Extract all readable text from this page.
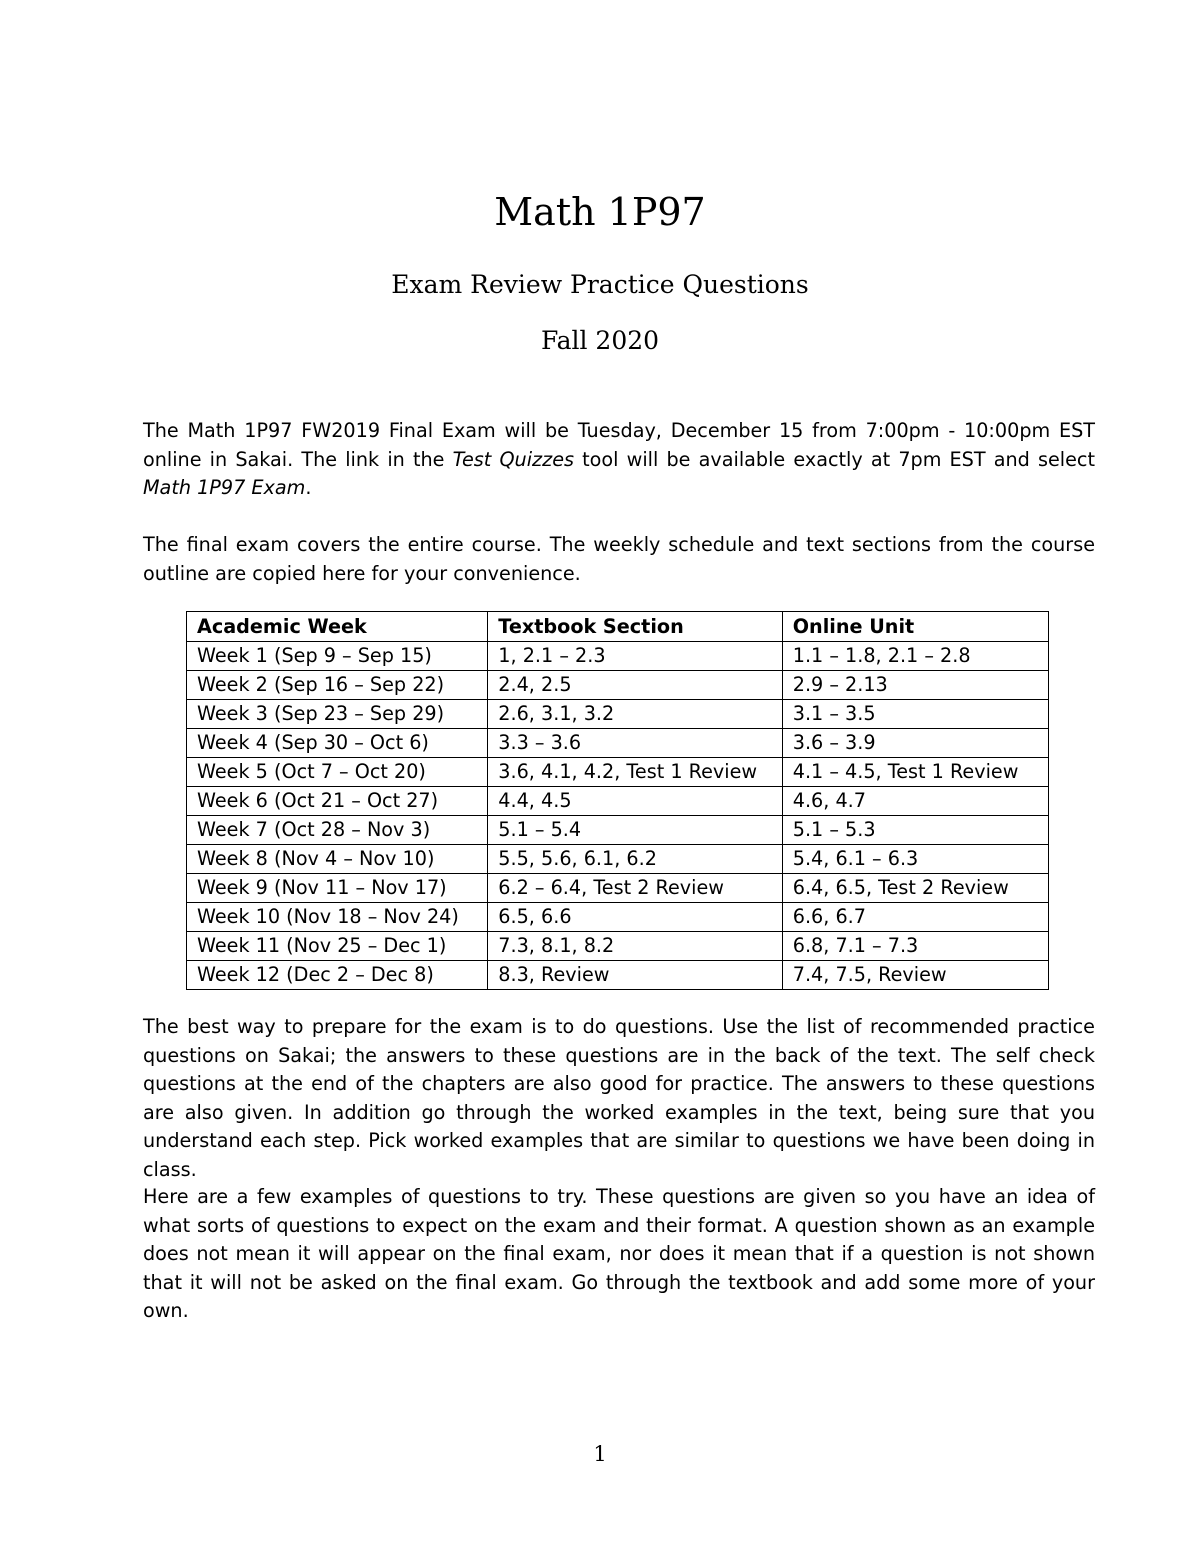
Math 1P97
Exam Review Practice Questions
Fall 2020
The Math 1P97 FW2019 Final Exam will be Tuesday, December 15 from 7:00pm - 10:00pm EST online in Sakai. The link in the Test Quizzes tool will be available exactly at 7pm EST and select Math 1P97 Exam.
The final exam covers the entire course. The weekly schedule and text sections from the course outline are copied here for your convenience.
Academic Week	Textbook Section	Online Unit
Week 1 (Sep 9 – Sep 15)	1, 2.1 – 2.3	1.1 – 1.8, 2.1 – 2.8
Week 2 (Sep 16 – Sep 22)	2.4, 2.5	2.9 – 2.13
Week 3 (Sep 23 – Sep 29)	2.6, 3.1, 3.2	3.1 – 3.5
Week 4 (Sep 30 – Oct 6)	3.3 – 3.6	3.6 – 3.9
Week 5 (Oct 7 – Oct 20)	3.6, 4.1, 4.2, Test 1 Review	4.1 – 4.5, Test 1 Review
Week 6 (Oct 21 – Oct 27)	4.4, 4.5	4.6, 4.7
Week 7 (Oct 28 – Nov 3)	5.1 – 5.4	5.1 – 5.3
Week 8 (Nov 4 – Nov 10)	5.5, 5.6, 6.1, 6.2	5.4, 6.1 – 6.3
Week 9 (Nov 11 – Nov 17)	6.2 – 6.4, Test 2 Review	6.4, 6.5, Test 2 Review
Week 10 (Nov 18 – Nov 24)	6.5, 6.6	6.6, 6.7
Week 11 (Nov 25 – Dec 1)	7.3, 8.1, 8.2	6.8, 7.1 – 7.3
Week 12 (Dec 2 – Dec 8)	8.3, Review	7.4, 7.5, Review
The best way to prepare for the exam is to do questions. Use the list of recommended practice questions on Sakai; the answers to these questions are in the back of the text. The self check questions at the end of the chapters are also good for practice. The answers to these questions are also given. In addition go through the worked examples in the text, being sure that you understand each step. Pick worked examples that are similar to questions we have been doing in class.
Here are a few examples of questions to try. These questions are given so you have an idea of what sorts of questions to expect on the exam and their format. A question shown as an example does not mean it will appear on the final exam, nor does it mean that if a question is not shown that it will not be asked on the final exam. Go through the textbook and add some more of your own.
1
